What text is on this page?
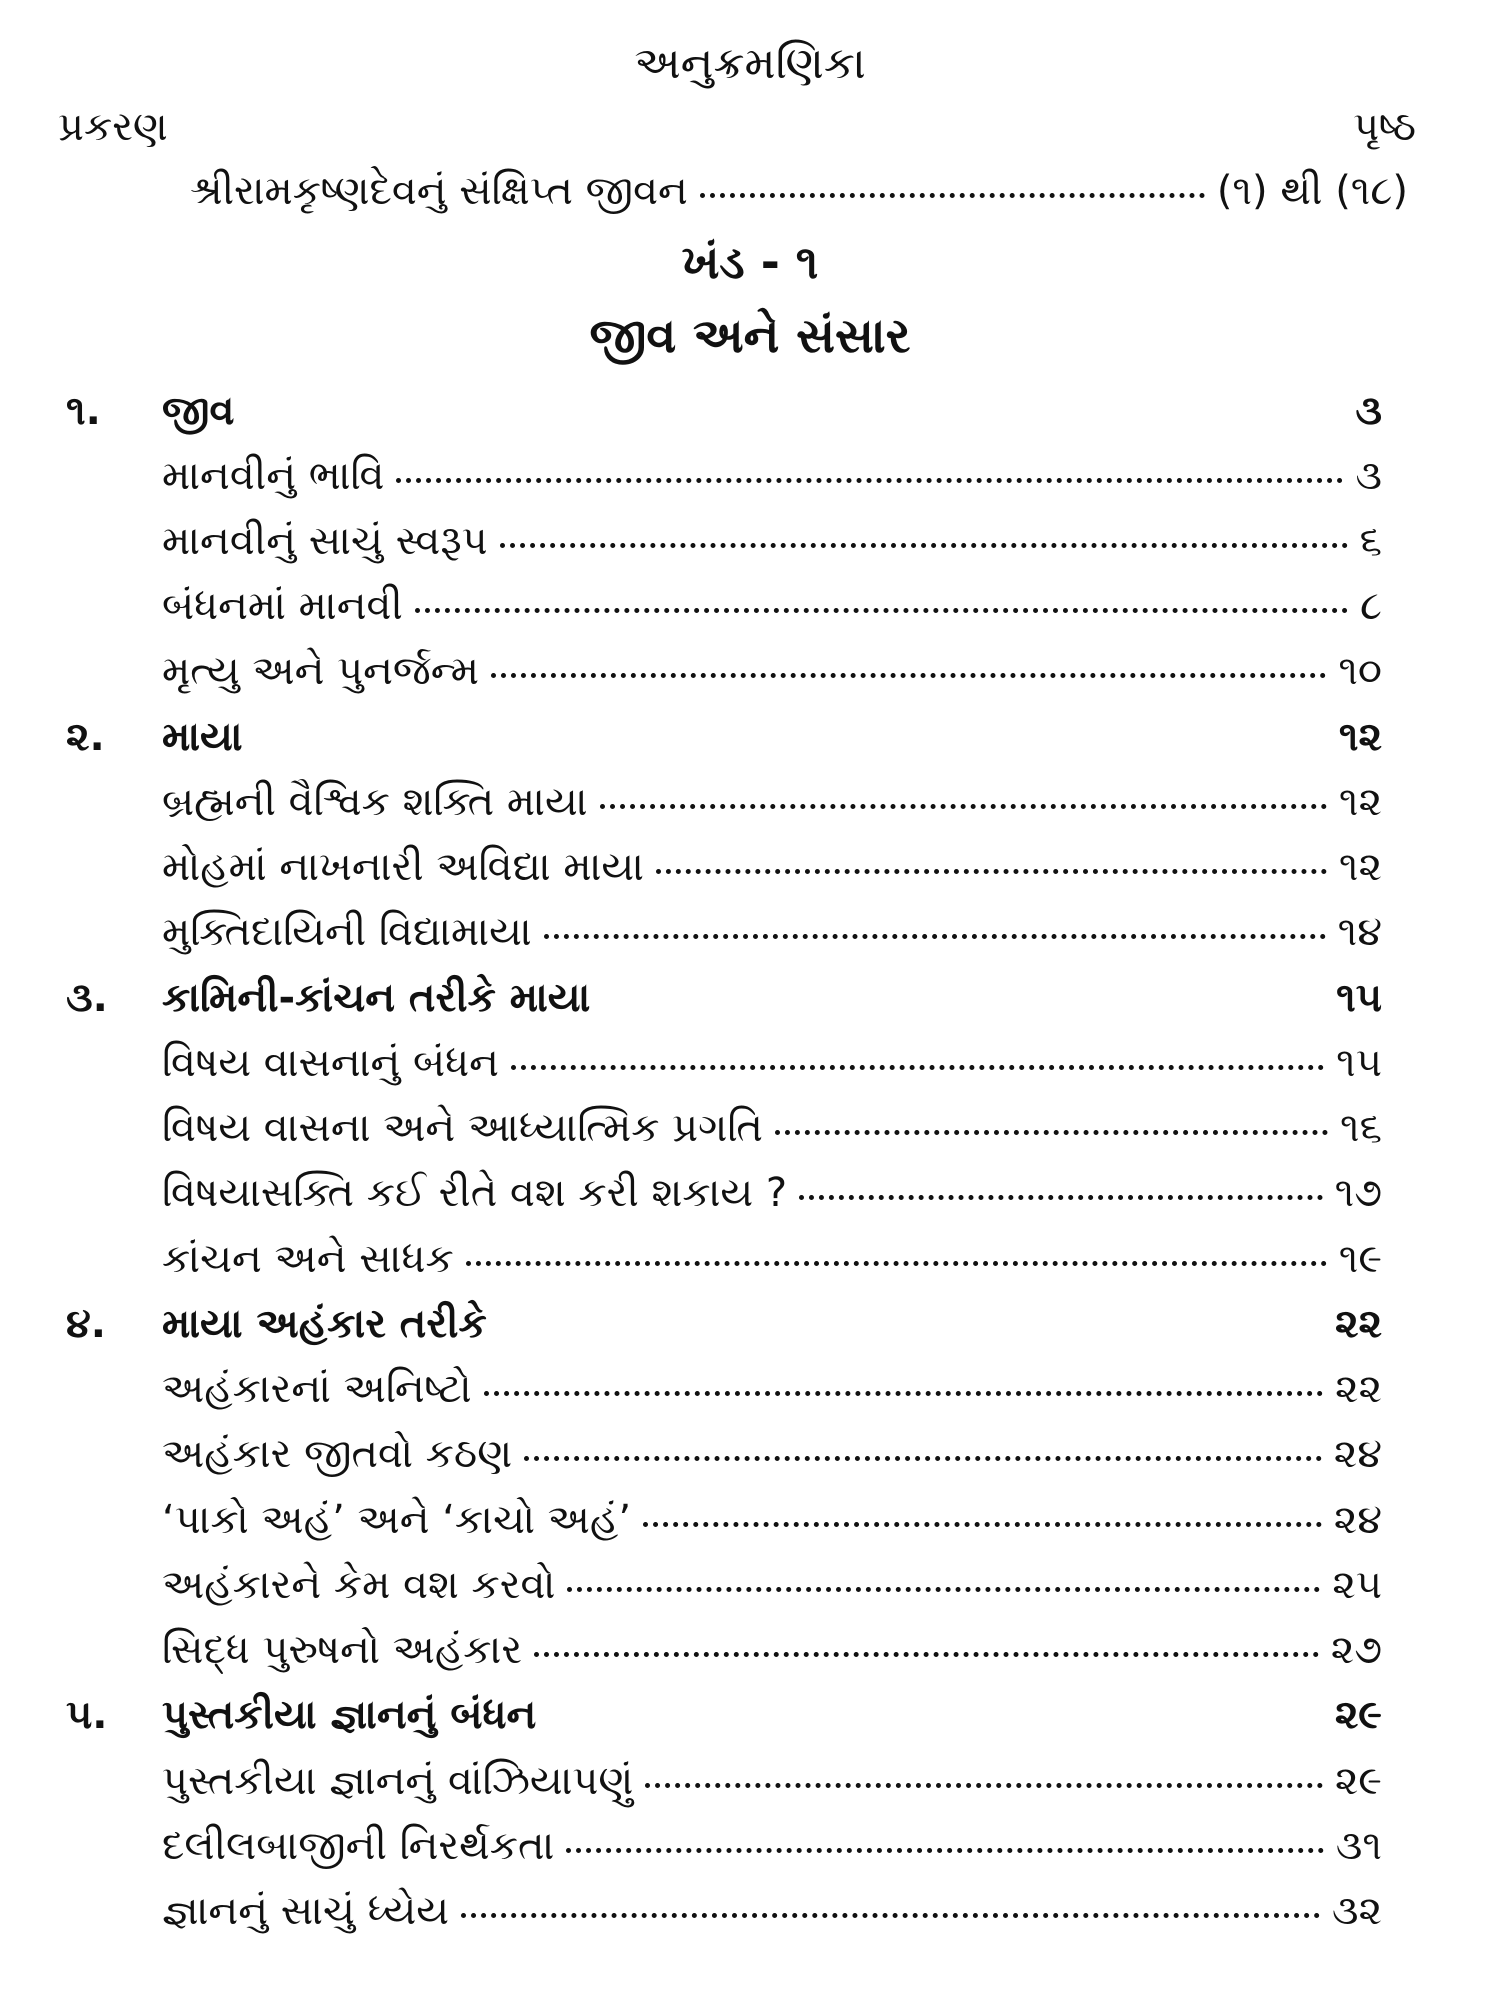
અનુક્રમણિકા
પ્રકરણ	પૃષ્ઠ
શ્રીરામકૃષ્ણદેવનું સંક્ષિપ્ત જીવન	(૧) થી (૧૮)
ખંડ - ૧
જીવ અને સંસાર
૧.	જીવ	૩
માનવીનું ભાવિ	૩
માનવીનું સાચું સ્વરૂપ	૬
બંધનમાં માનવી	૮
મૃત્યુ અને પુનર્જન્મ	૧૦
૨.	માયા	૧૨
બ્રહ્મની વૈશ્વિક શક્તિ માયા	૧૨
મોહમાં નાખનારી અવિદ્યા માયા	૧૨
મુક્તિદાયિની વિદ્યામાયા	૧૪
૩.	કામિની-કાંચન તરીકે માયા	૧૫
વિષય વાસનાનું બંધન	૧૫
વિષય વાસના અને આધ્યાત્મિક પ્રગતિ	૧૬
વિષયાસક્તિ કઈ રીતે વશ કરી શકાય ?	૧૭
કાંચન અને સાધક	૧૯
૪.	માયા અહંકાર તરીકે	૨૨
અહંકારનાં અનિષ્ટો	૨૨
અહંકાર જીતવો કઠણ	૨૪
‘પાકો અહં’ અને ‘કાચો અહં’	૨૪
અહંકારને કેમ વશ કરવો	૨૫
સિદ્ધ પુરુષનો અહંકાર	૨૭
૫.	પુસ્તકીયા જ્ઞાનનું બંધન	૨૯
પુસ્તકીયા જ્ઞાનનું વાંઝિયાપણું	૨૯
દલીલબાજીની નિરર્થકતા	૩૧
જ્ઞાનનું સાચું ધ્યેય	૩૨
